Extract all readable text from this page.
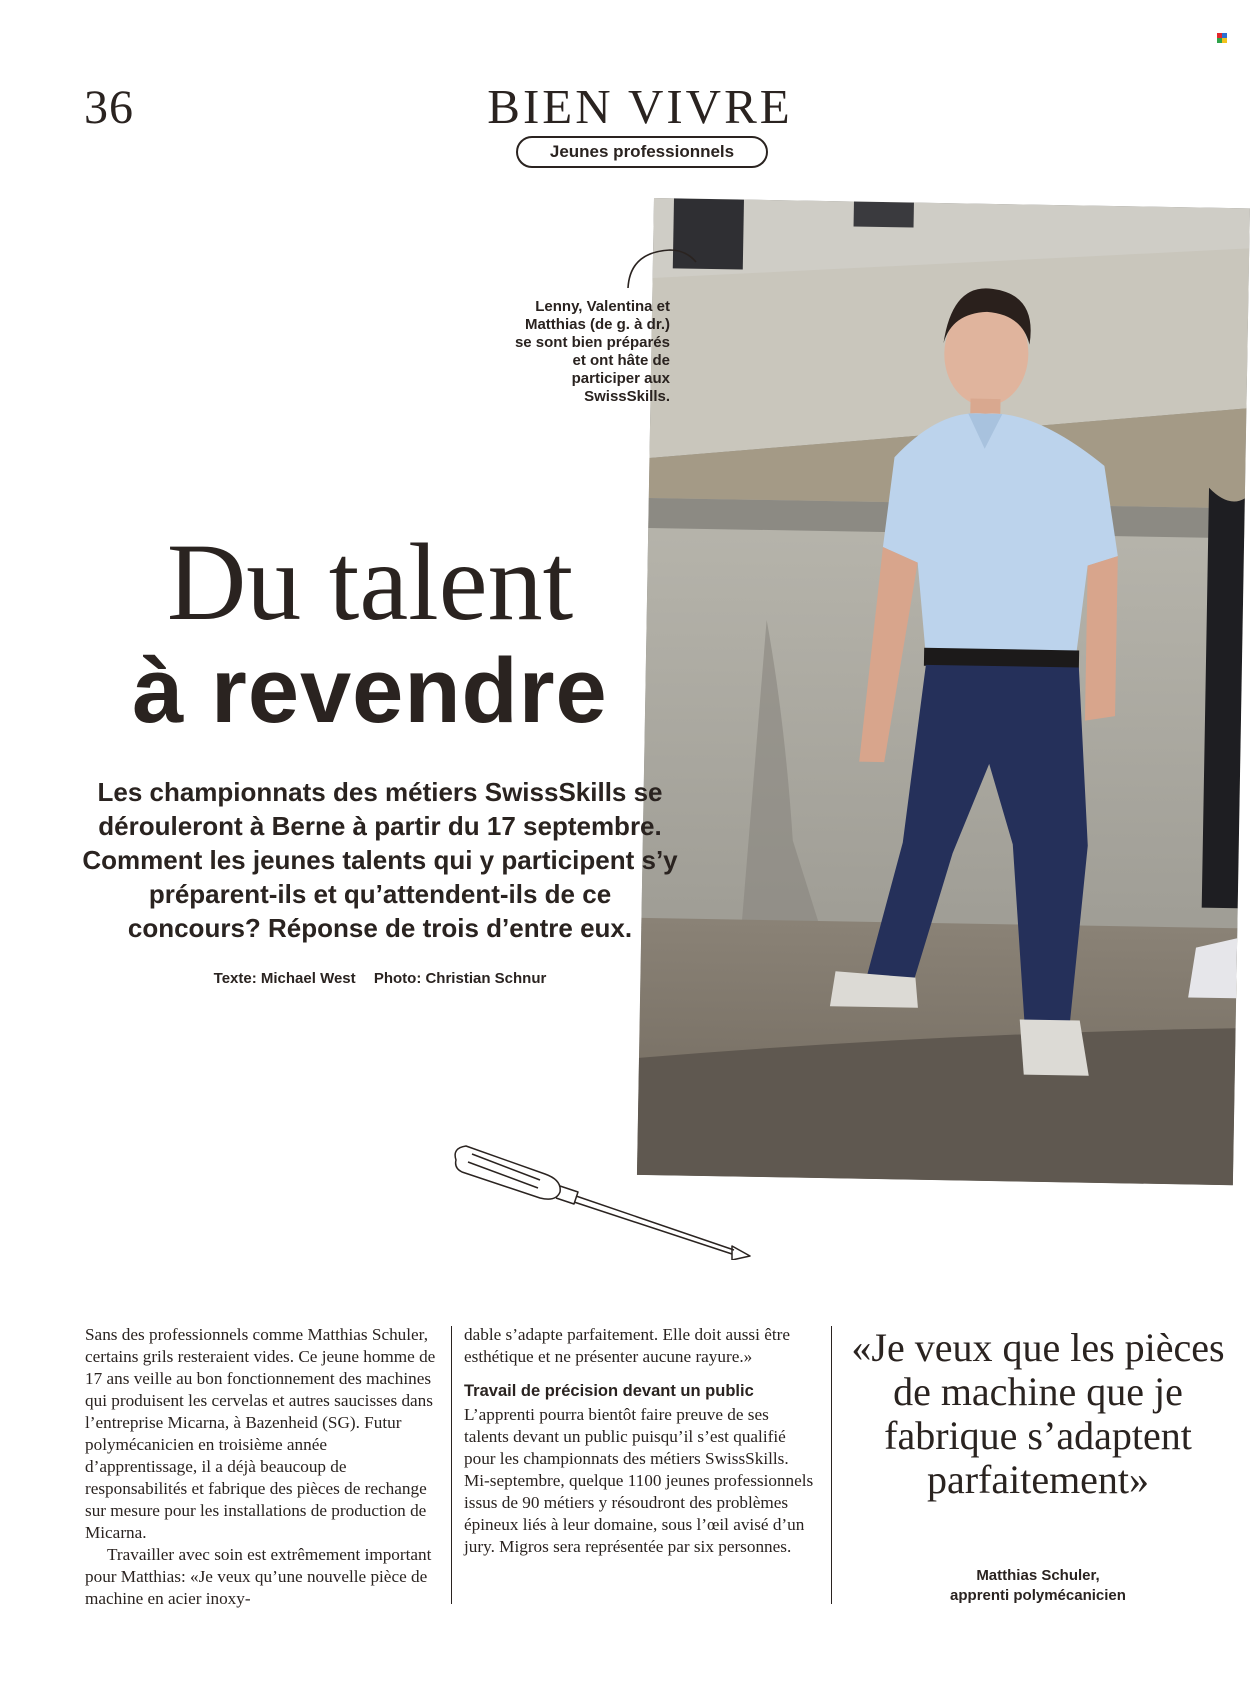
36	BIEN VIVRE
Jeunes professionnels
Lenny, Valentina et Matthias (de g. à dr.) se sont bien préparés et ont hâte de participer aux SwissSkills.
Du talent
à revendre
Les championnats des métiers SwissSkills se dérouleront à Berne à partir du 17 septembre. Comment les jeunes talents qui y participent s’y préparent-ils et qu’attendent-ils de ce concours? Réponse de trois d’entre eux.
Texte: Michael West Photo: Christian Schnur

Sans des professionnels comme Matthias Schuler, certains grils resteraient vides. Ce jeune homme de 17 ans veille au bon fonctionnement des machines qui produisent les cervelas et autres saucisses dans l’entreprise Micarna, à Bazenheid (SG). Futur polymécanicien en troisième année d’apprentissage, il a déjà beaucoup de responsabilités et fabrique des pièces de rechange sur mesure pour les installations de production de Micarna.

Travailler avec soin est extrêmement important pour Matthias: «Je veux qu’une nouvelle pièce de machine en acier inoxy-

dable s’adapte parfaitement. Elle doit aussi être esthétique et ne présenter aucune rayure.»

Travail de précision devant un public

L’apprenti pourra bientôt faire preuve de ses talents devant un public puisqu’il s’est qualifié pour les championnats des métiers SwissSkills. Mi-septembre, quelque 1100 jeunes professionnels issus de 90 métiers y résoudront des problèmes épineux liés à leur domaine, sous l’œil avisé d’un jury. Migros sera représentée par six personnes.

«Je veux que les pièces de machine que je fabrique s’adaptent parfaitement»
Matthias Schuler,
apprenti polymécanicien
